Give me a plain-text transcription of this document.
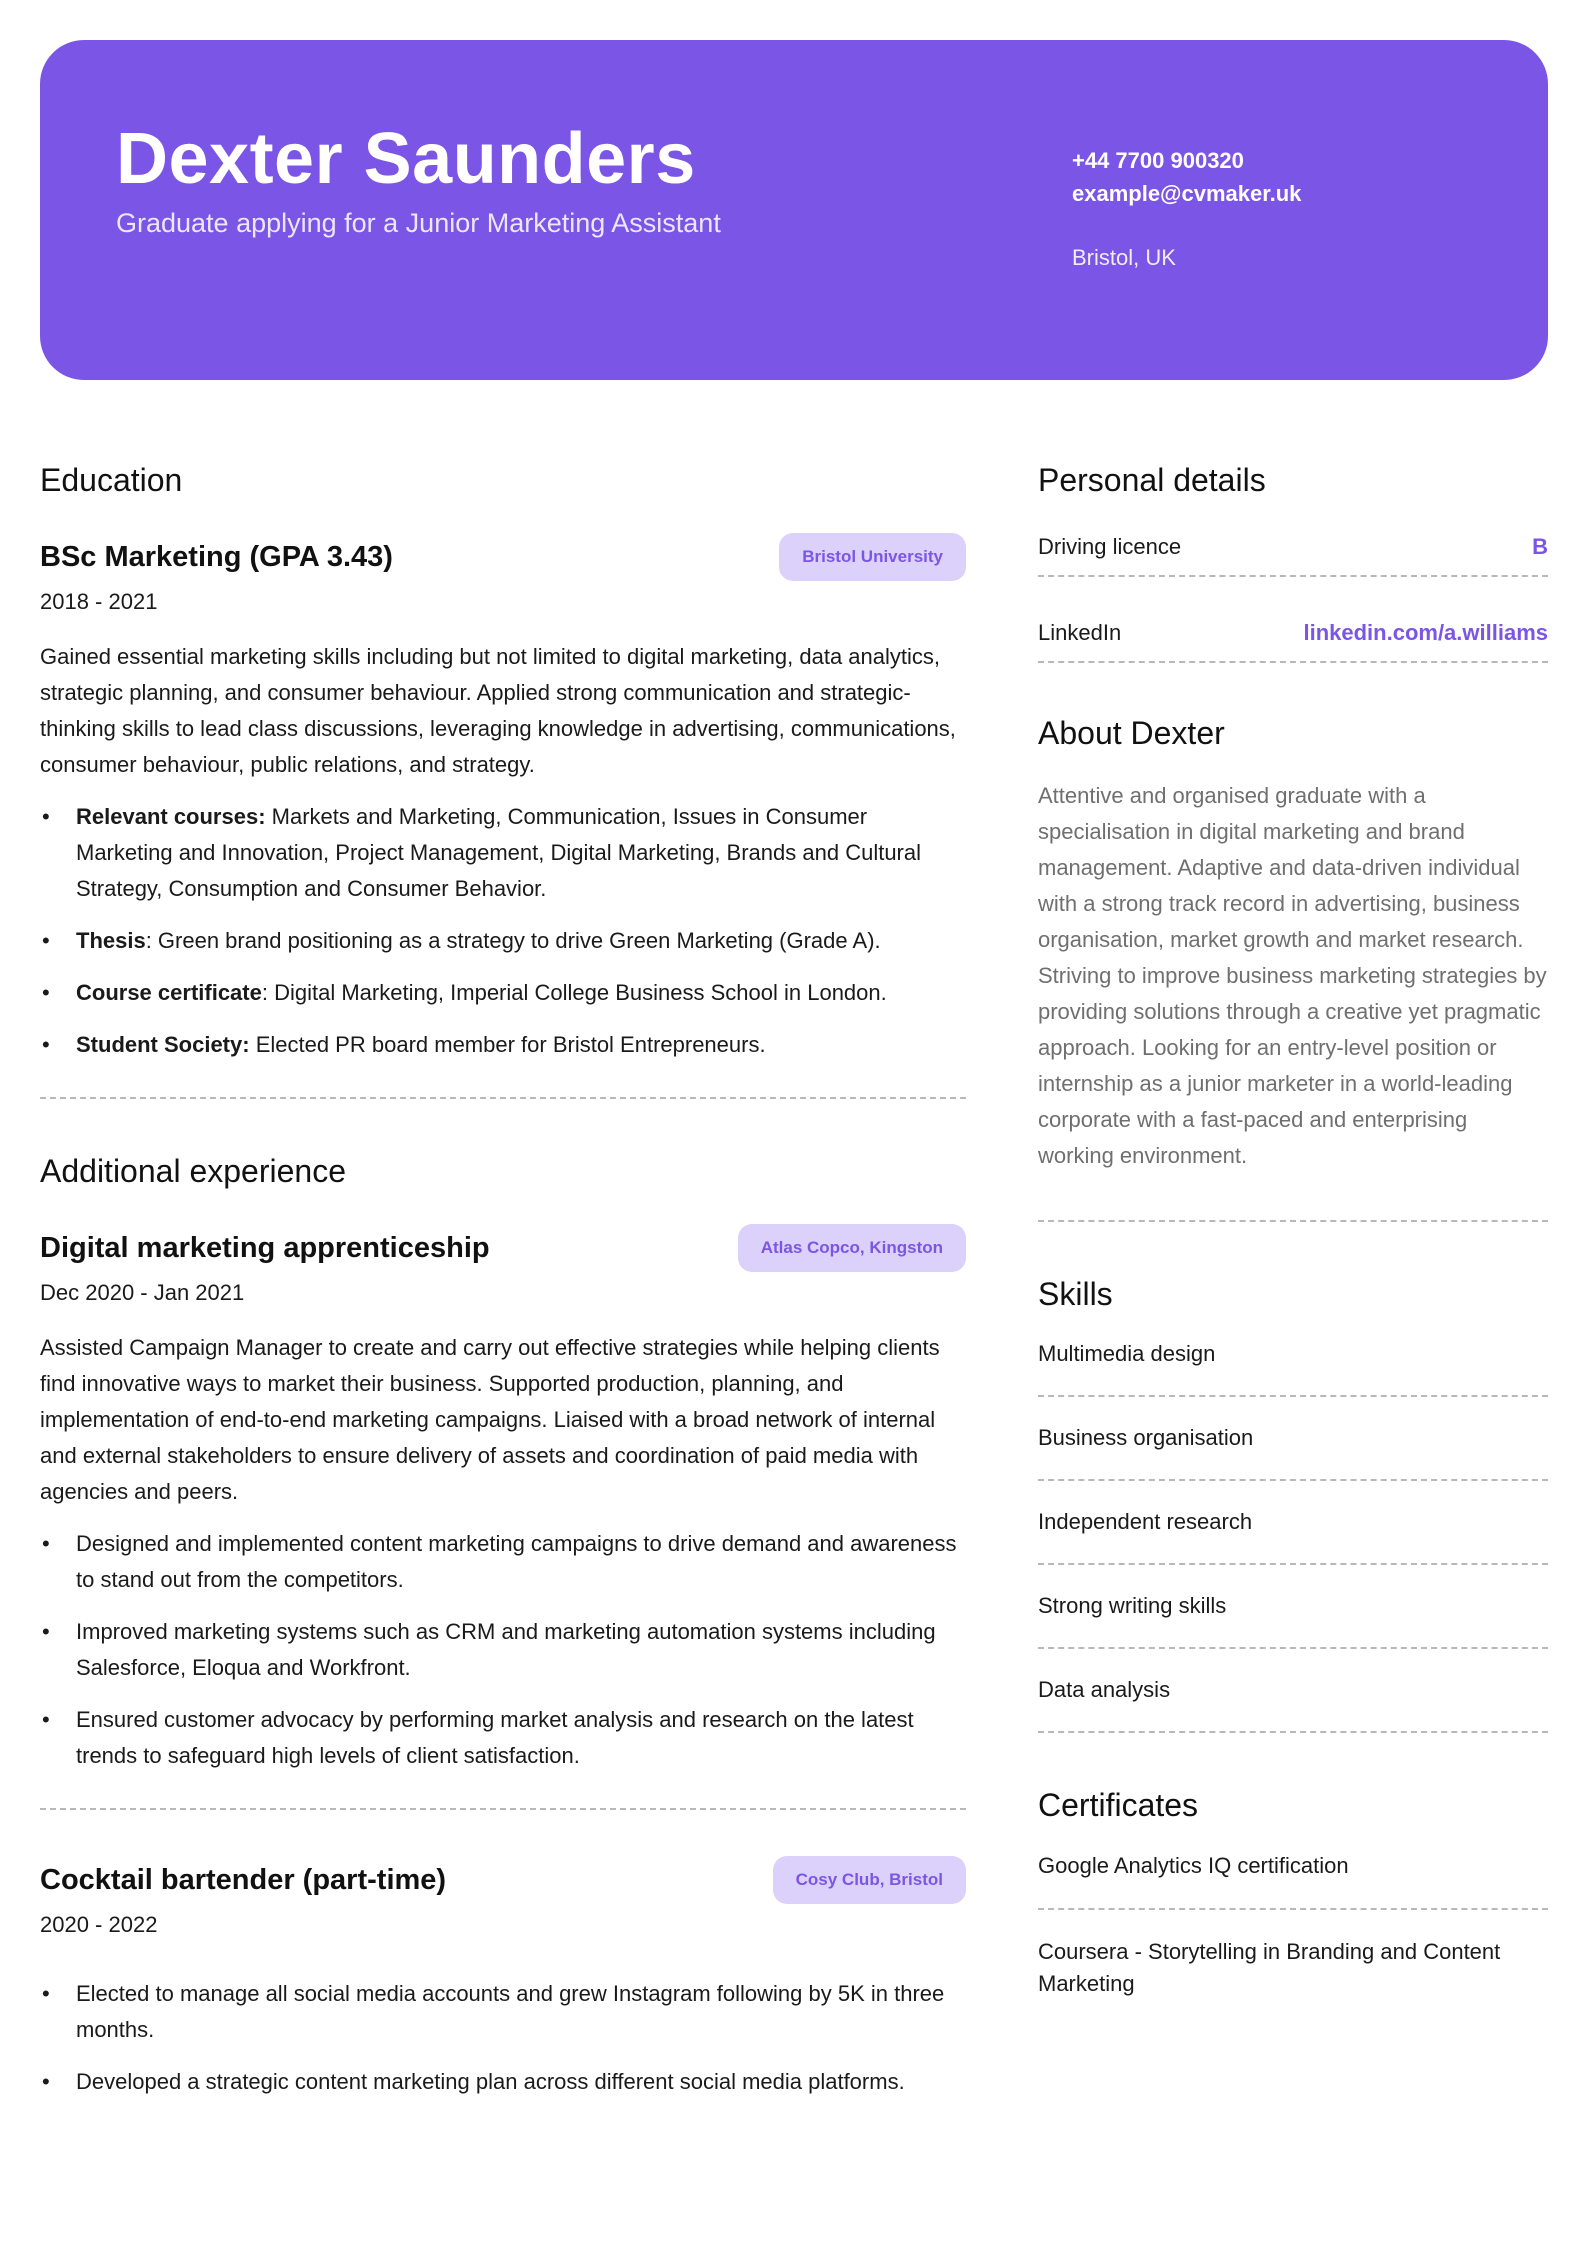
Dexter Saunders
Graduate applying for a Junior Marketing Assistant
+44 7700 900320
example@cvmaker.uk
Bristol, UK
Education
BSc Marketing (GPA 3.43)	Bristol University
2018 - 2021

Gained essential marketing skills including but not limited to digital marketing, data analytics, strategic planning, and consumer behaviour. Applied strong communication and strategic-thinking skills to lead class discussions, leveraging knowledge in advertising, communications, consumer behaviour, public relations, and strategy.

• Relevant courses: Markets and Marketing, Communication, Issues in Consumer Marketing and Innovation, Project Management, Digital Marketing, Brands and Cultural Strategy, Consumption and Consumer Behavior.
• Thesis: Green brand positioning as a strategy to drive Green Marketing (Grade A).
• Course certificate: Digital Marketing, Imperial College Business School in London.
• Student Society: Elected PR board member for Bristol Entrepreneurs.
Additional experience
Digital marketing apprenticeship	Atlas Copco, Kingston
Dec 2020 - Jan 2021

Assisted Campaign Manager to create and carry out effective strategies while helping clients find innovative ways to market their business. Supported production, planning, and implementation of end-to-end marketing campaigns. Liaised with a broad network of internal and external stakeholders to ensure delivery of assets and coordination of paid media with agencies and peers.

• Designed and implemented content marketing campaigns to drive demand and awareness to stand out from the competitors.
• Improved marketing systems such as CRM and marketing automation systems including Salesforce, Eloqua and Workfront.
• Ensured customer advocacy by performing market analysis and research on the latest trends to safeguard high levels of client satisfaction.
Cocktail bartender (part-time)	Cosy Club, Bristol
2020 - 2022
• Elected to manage all social media accounts and grew Instagram following by 5K in three months.
• Developed a strategic content marketing plan across different social media platforms.
Personal details
Driving licence	B
LinkedIn	linkedin.com/a.williams
About Dexter

Attentive and organised graduate with a specialisation in digital marketing and brand management. Adaptive and data-driven individual with a strong track record in advertising, business organisation, market growth and market research. Striving to improve business marketing strategies by providing solutions through a creative yet pragmatic approach. Looking for an entry-level position or internship as a junior marketer in a world-leading corporate with a fast-paced and enterprising working environment.

Skills
Multimedia design
Business organisation
Independent research
Strong writing skills
Data analysis
Certificates
Google Analytics IQ certification
Coursera - Storytelling in Branding and Content Marketing
